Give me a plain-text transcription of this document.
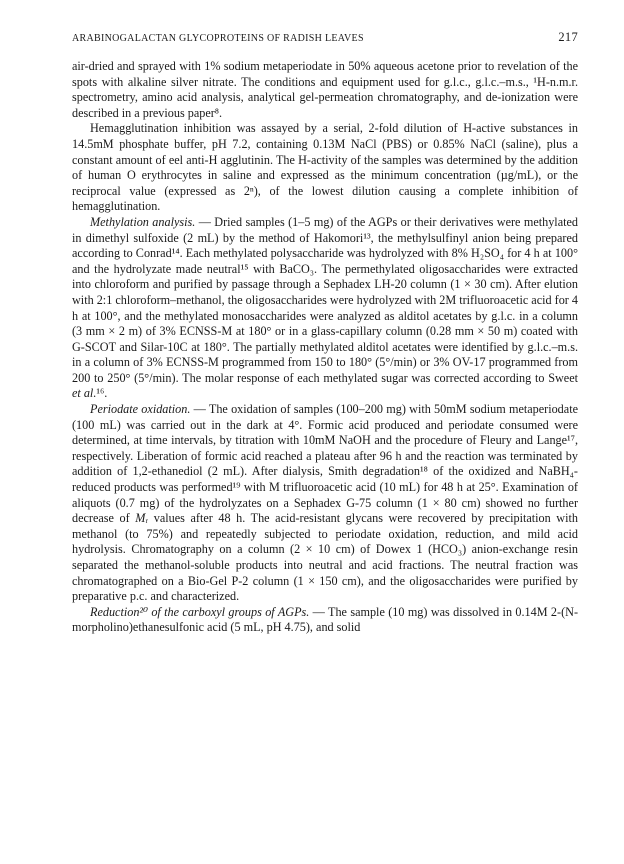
ARABINOGALACTAN GLYCOPROTEINS OF RADISH LEAVES	217

air-dried and sprayed with 1% sodium metaperiodate in 50% aqueous acetone prior to revelation of the spots with alkaline silver nitrate. The conditions and equipment used for g.l.c., g.l.c.–m.s., ¹H-n.m.r. spectrometry, amino acid analysis, analytical gel-permeation chromatography, and de-ionization were described in a previous paper⁸.

Hemagglutination inhibition was assayed by a serial, 2-fold dilution of H-active substances in 14.5mM phosphate buffer, pH 7.2, containing 0.13M NaCl (PBS) or 0.85% NaCl (saline), plus a constant amount of eel anti-H agglutinin. The H-activity of the samples was determined by the addition of human O erythrocytes in saline and expressed as the minimum concentration (µg/mL), or the reciprocal value (expressed as 2ⁿ), of the lowest dilution causing a complete inhibition of hemagglutination.

Methylation analysis. — Dried samples (1–5 mg) of the AGPs or their derivatives were methylated in dimethyl sulfoxide (2 mL) by the method of Hakomori¹³, the methylsulfinyl anion being prepared according to Conrad¹⁴. Each methylated polysaccharide was hydrolyzed with 8% H₂SO₄ for 4 h at 100° and the hydrolyzate made neutral¹⁵ with BaCO₃. The permethylated oligosaccharides were extracted into chloroform and purified by passage through a Sephadex LH-20 column (1 × 30 cm). After elution with 2:1 chloroform–methanol, the oligosaccharides were hydrolyzed with 2M trifluoroacetic acid for 4 h at 100°, and the methylated monosaccharides were analyzed as alditol acetates by g.l.c. in a column (3 mm × 2 m) of 3% ECNSS-M at 180° or in a glass-capillary column (0.28 mm × 50 m) coated with G-SCOT and Silar-10C at 180°. The partially methylated alditol acetates were identified by g.l.c.–m.s. in a column of 3% ECNSS-M programmed from 150 to 180° (5°/min) or 3% OV-17 programmed from 200 to 250° (5°/min). The molar response of each methylated sugar was corrected according to Sweet et al.¹⁶.

Periodate oxidation. — The oxidation of samples (100–200 mg) with 50mM sodium metaperiodate (100 mL) was carried out in the dark at 4°. Formic acid produced and periodate consumed were determined, at time intervals, by titration with 10mM NaOH and the procedure of Fleury and Lange¹⁷, respectively. Liberation of formic acid reached a plateau after 96 h and the reaction was terminated by addition of 1,2-ethanediol (2 mL). After dialysis, Smith degradation¹⁸ of the oxidized and NaBH₄-reduced products was performed¹⁹ with M trifluoroacetic acid (10 mL) for 48 h at 25°. Examination of aliquots (0.7 mg) of the hydrolyzates on a Sephadex G-75 column (1 × 80 cm) showed no further decrease of Mᵣ values after 48 h. The acid-resistant glycans were recovered by precipitation with methanol (to 75%) and repeatedly subjected to periodate oxidation, reduction, and mild acid hydrolysis. Chromatography on a column (2 × 10 cm) of Dowex 1 (HCO₃) anion-exchange resin separated the methanol-soluble products into neutral and acid fractions. The neutral fraction was chromatographed on a Bio-Gel P-2 column (1 × 150 cm), and the oligosaccharides were purified by preparative p.c. and characterized.

Reduction²⁰ of the carboxyl groups of AGPs. — The sample (10 mg) was dissolved in 0.14M 2-(N-morpholino)ethanesulfonic acid (5 mL, pH 4.75), and solid
